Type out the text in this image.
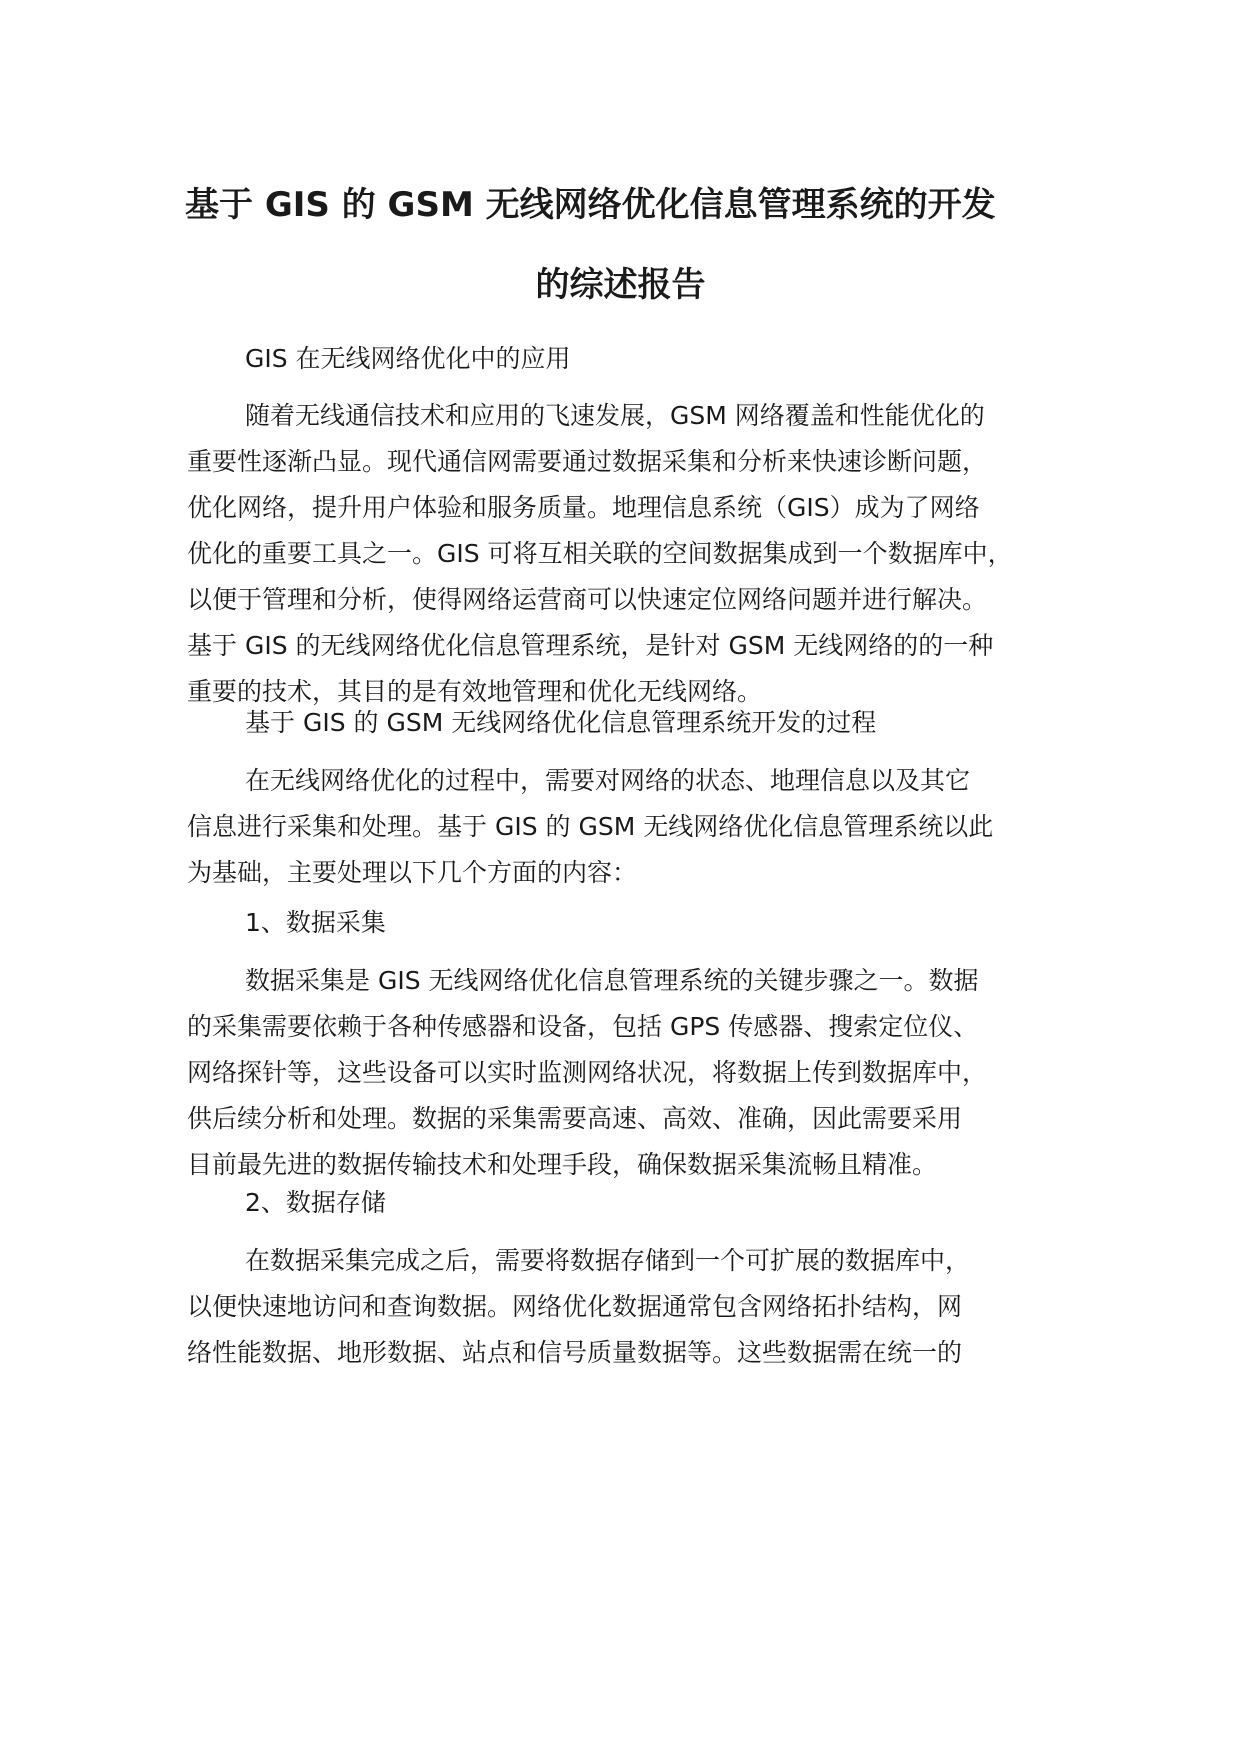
基于 GIS 的 GSM 无线网络优化信息管理系统的开发
的综述报告
GIS 在无线网络优化中的应用
随着无线通信技术和应用的飞速发展，GSM 网络覆盖和性能优化的
重要性逐渐凸显。现代通信网需要通过数据采集和分析来快速诊断问题，
优化网络，提升用户体验和服务质量。地理信息系统（GIS）成为了网络
优化的重要工具之一。GIS 可将互相关联的空间数据集成到一个数据库中，
以便于管理和分析，使得网络运营商可以快速定位网络问题并进行解决。
基于 GIS 的无线网络优化信息管理系统，是针对 GSM 无线网络的的一种
重要的技术，其目的是有效地管理和优化无线网络。
基于 GIS 的 GSM 无线网络优化信息管理系统开发的过程
在无线网络优化的过程中，需要对网络的状态、地理信息以及其它
信息进行采集和处理。基于 GIS 的 GSM 无线网络优化信息管理系统以此
为基础，主要处理以下几个方面的内容：
1、数据采集
数据采集是 GIS 无线网络优化信息管理系统的关键步骤之一。数据
的采集需要依赖于各种传感器和设备，包括 GPS 传感器、搜索定位仪、
网络探针等，这些设备可以实时监测网络状况，将数据上传到数据库中，
供后续分析和处理。数据的采集需要高速、高效、准确，因此需要采用
目前最先进的数据传输技术和处理手段，确保数据采集流畅且精准。
2、数据存储
在数据采集完成之后，需要将数据存储到一个可扩展的数据库中，
以便快速地访问和查询数据。网络优化数据通常包含网络拓扑结构，网
络性能数据、地形数据、站点和信号质量数据等。这些数据需在统一的
